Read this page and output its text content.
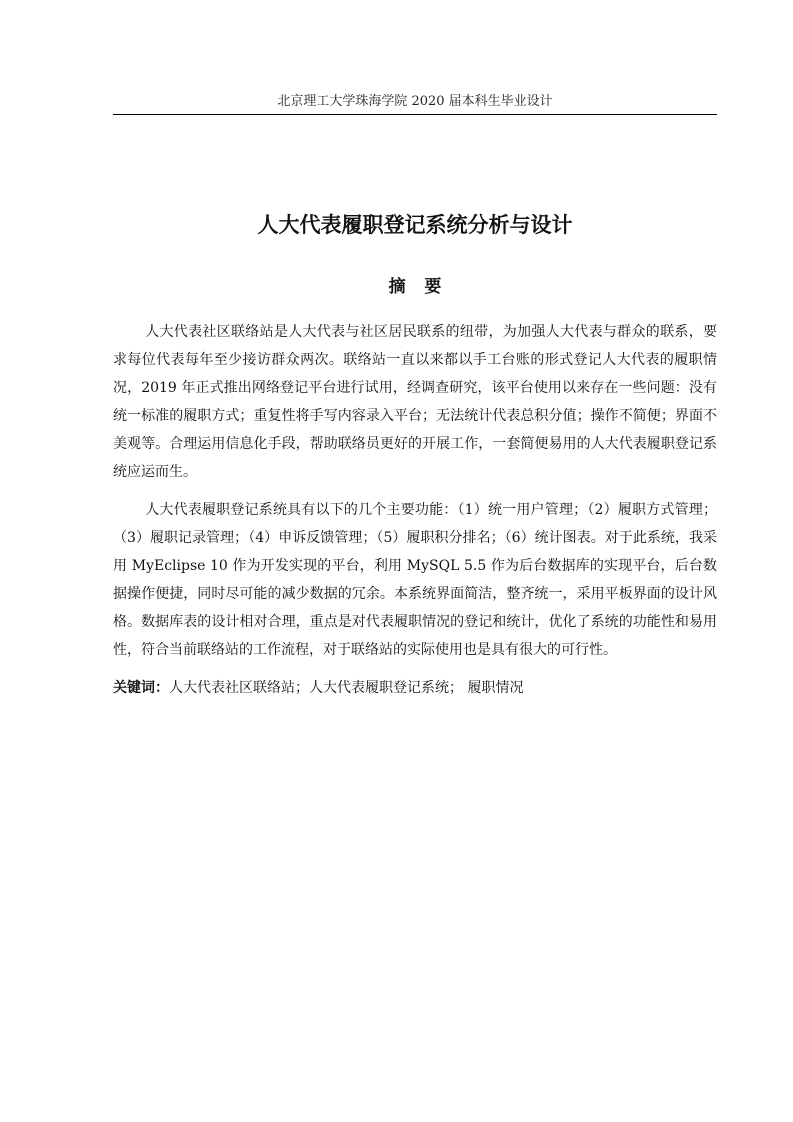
北京理工大学珠海学院 2020 届本科生毕业设计
人大代表履职登记系统分析与设计
摘要

人大代表社区联络站是人大代表与社区居民联系的纽带，为加强人大代表与群众的联系，要求每位代表每年至少接访群众两次。联络站一直以来都以手工台账的形式登记人大代表的履职情况，2019 年正式推出网络登记平台进行试用，经调查研究，该平台使用以来存在一些问题：没有统一标准的履职方式；重复性将手写内容录入平台；无法统计代表总积分值；操作不简便；界面不美观等。合理运用信息化手段，帮助联络员更好的开展工作，一套简便易用的人大代表履职登记系统应运而生。

人大代表履职登记系统具有以下的几个主要功能：（1）统一用户管理；（2）履职方式管理；（3）履职记录管理；（4）申诉反馈管理；（5）履职积分排名；（6）统计图表。对于此系统，我采用 MyEclipse 10 作为开发实现的平台，利用 MySQL 5.5 作为后台数据库的实现平台，后台数据操作便捷，同时尽可能的减少数据的冗余。本系统界面简洁，整齐统一，采用平板界面的设计风格。数据库表的设计相对合理，重点是对代表履职情况的登记和统计，优化了系统的功能性和易用性，符合当前联络站的工作流程，对于联络站的实际使用也是具有很大的可行性。

关键词：人大代表社区联络站；人大代表履职登记系统； 履职情况
